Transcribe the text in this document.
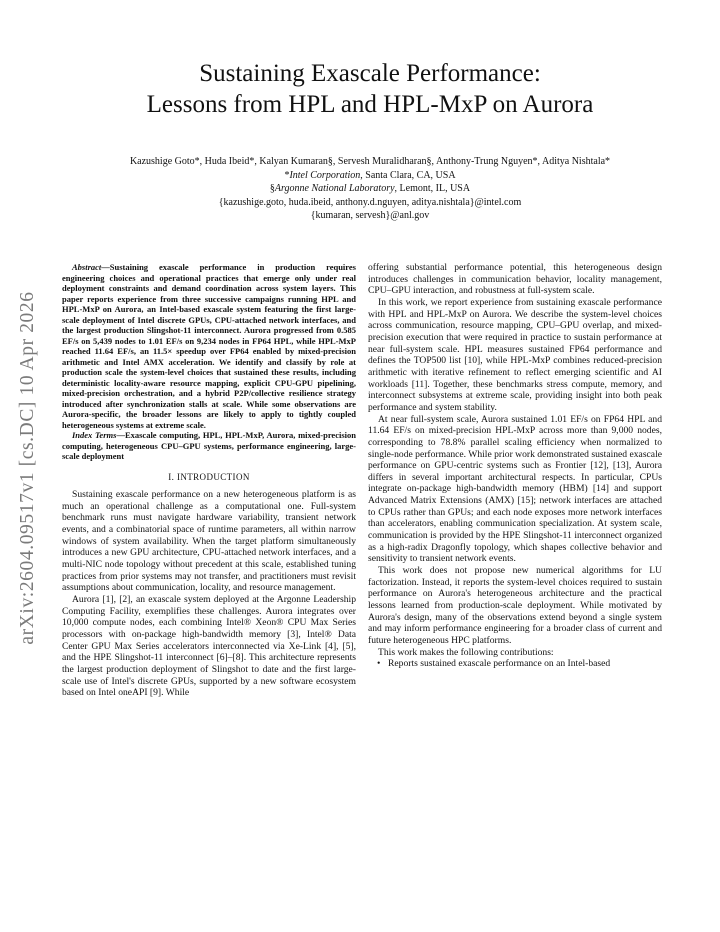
arXiv:2604.09517v1 [cs.DC] 10 Apr 2026
Sustaining Exascale Performance:
Lessons from HPL and HPL-MxP on Aurora
Kazushige Goto*, Huda Ibeid*, Kalyan Kumaran§, Servesh Muralidharan§, Anthony-Trung Nguyen*, Aditya Nishtala*
*Intel Corporation, Santa Clara, CA, USA
§Argonne National Laboratory, Lemont, IL, USA
{kazushige.goto, huda.ibeid, anthony.d.nguyen, aditya.nishtala}@intel.com
{kumaran, servesh}@anl.gov

Abstract—Sustaining exascale performance in production requires engineering choices and operational practices that emerge only under real deployment constraints and demand coordination across system layers. This paper reports experience from three successive campaigns running HPL and HPL-MxP on Aurora, an Intel-based exascale system featuring the first large-scale deployment of Intel discrete GPUs, CPU-attached network interfaces, and the largest production Slingshot-11 interconnect. Aurora progressed from 0.585 EF/s on 5,439 nodes to 1.01 EF/s on 9,234 nodes in FP64 HPL, while HPL-MxP reached 11.64 EF/s, an 11.5× speedup over FP64 enabled by mixed-precision arithmetic and Intel AMX acceleration. We identify and classify by role at production scale the system-level choices that sustained these results, including deterministic locality-aware resource mapping, explicit CPU-GPU pipelining, mixed-precision orchestration, and a hybrid P2P/collective resilience strategy introduced after synchronization stalls at scale. While some observations are Aurora-specific, the broader lessons are likely to apply to tightly coupled heterogeneous systems at extreme scale.

Index Terms—Exascale computing, HPL, HPL-MxP, Aurora, mixed-precision computing, heterogeneous CPU–GPU systems, performance engineering, large-scale deployment

I. INTRODUCTION

Sustaining exascale performance on a new heterogeneous platform is as much an operational challenge as a computational one. Full-system benchmark runs must navigate hardware variability, transient network events, and a combinatorial space of runtime parameters, all within narrow windows of system availability. When the target platform simultaneously introduces a new GPU architecture, CPU-attached network interfaces, and a multi-NIC node topology without precedent at this scale, established tuning practices from prior systems may not transfer, and practitioners must revisit assumptions about communication, locality, and resource management.

Aurora [1], [2], an exascale system deployed at the Argonne Leadership Computing Facility, exemplifies these challenges. Aurora integrates over 10,000 compute nodes, each combining Intel® Xeon® CPU Max Series processors with on-package high-bandwidth memory [3], Intel® Data Center GPU Max Series accelerators interconnected via Xe-Link [4], [5], and the HPE Slingshot-11 interconnect [6]–[8]. This architecture represents the largest production deployment of Slingshot to date and the first large-scale use of Intel's discrete GPUs, supported by a new software ecosystem based on Intel oneAPI [9]. While

offering substantial performance potential, this heterogeneous design introduces challenges in communication behavior, locality management, CPU–GPU interaction, and robustness at full-system scale.

In this work, we report experience from sustaining exascale performance with HPL and HPL-MxP on Aurora. We describe the system-level choices across communication, resource mapping, CPU–GPU overlap, and mixed-precision execution that were required in practice to sustain performance at near full-system scale. HPL measures sustained FP64 performance and defines the TOP500 list [10], while HPL-MxP combines reduced-precision arithmetic with iterative refinement to reflect emerging scientific and AI workloads [11]. Together, these benchmarks stress compute, memory, and interconnect subsystems at extreme scale, providing insight into both peak performance and system stability.

At near full-system scale, Aurora sustained 1.01 EF/s on FP64 HPL and 11.64 EF/s on mixed-precision HPL-MxP across more than 9,000 nodes, corresponding to 78.8% parallel scaling efficiency when normalized to single-node performance. While prior work demonstrated sustained exascale performance on GPU-centric systems such as Frontier [12], [13], Aurora differs in several important architectural respects. In particular, CPUs integrate on-package high-bandwidth memory (HBM) [14] and support Advanced Matrix Extensions (AMX) [15]; network interfaces are attached to CPUs rather than GPUs; and each node exposes more network interfaces than accelerators, enabling communication specialization. At system scale, communication is provided by the HPE Slingshot-11 interconnect organized as a high-radix Dragonfly topology, which shapes collective behavior and sensitivity to transient network events.

This work does not propose new numerical algorithms for LU factorization. Instead, it reports the system-level choices required to sustain performance on Aurora's heterogeneous architecture and the practical lessons learned from production-scale deployment. While motivated by Aurora's design, many of the observations extend beyond a single system and may inform performance engineering for a broader class of current and future heterogeneous HPC platforms.

This work makes the following contributions:

• Reports sustained exascale performance on an Intel-based
